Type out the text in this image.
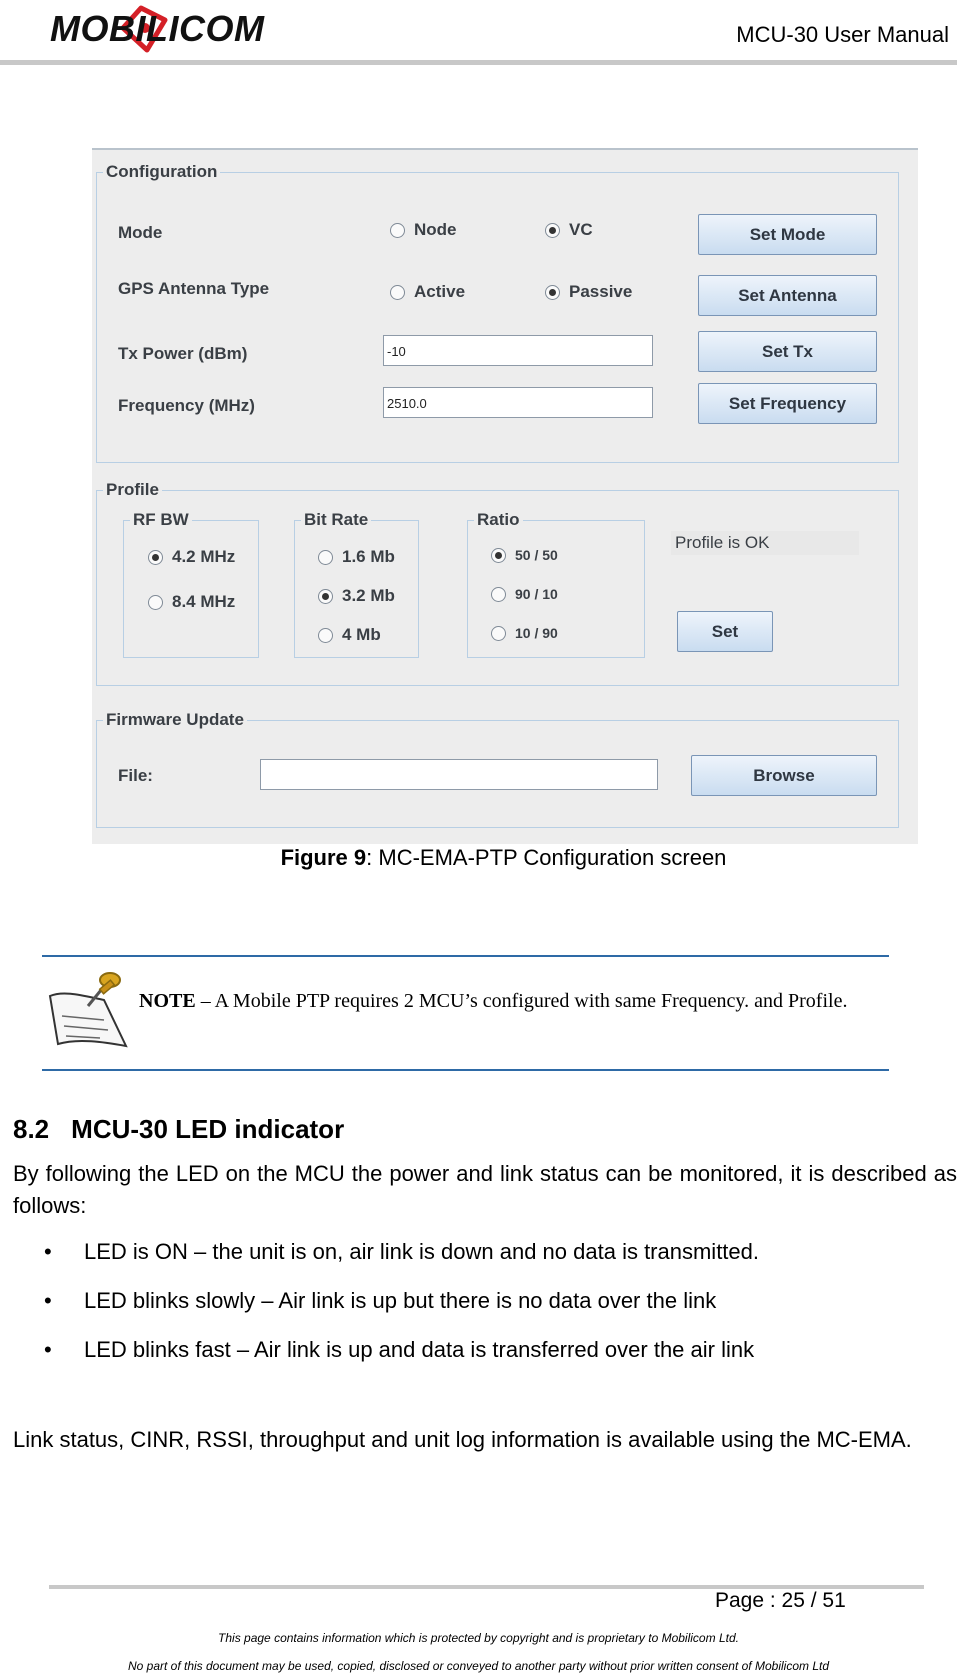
MOBILICOM	MCU-30 User Manual
Configuration
Mode	Node	VC	Set Mode
GPS Antenna Type	Active	Passive	Set Antenna
Tx Power (dBm)	-10	Set Tx
Frequency (MHz)	2510.0	Set Frequency
Profile
RF BW
4.2 MHz
8.4 MHz
Bit Rate
1.6 Mb
3.2 Mb
4 Mb
Ratio
50 / 50
90 / 10
10 / 90
Profile is OK
Set
Firmware Update
File:	Browse
Figure 9: MC-EMA-PTP Configuration screen
NOTE – A Mobile PTP requires 2 MCU’s configured with same Frequency. and Profile.
8.2 MCU-30 LED indicator
By following the LED on the MCU the power and link status can be monitored, it is described as follows:
• LED is ON – the unit is on, air link is down and no data is transmitted.
• LED blinks slowly – Air link is up but there is no data over the link
• LED blinks fast – Air link is up and data is transferred over the air link
Link status, CINR, RSSI, throughput and unit log information is available using the MC-EMA.
Page : 25 / 51
This page contains information which is protected by copyright and is proprietary to Mobilicom Ltd.
No part of this document may be used, copied, disclosed or conveyed to another party without prior written consent of Mobilicom Ltd
